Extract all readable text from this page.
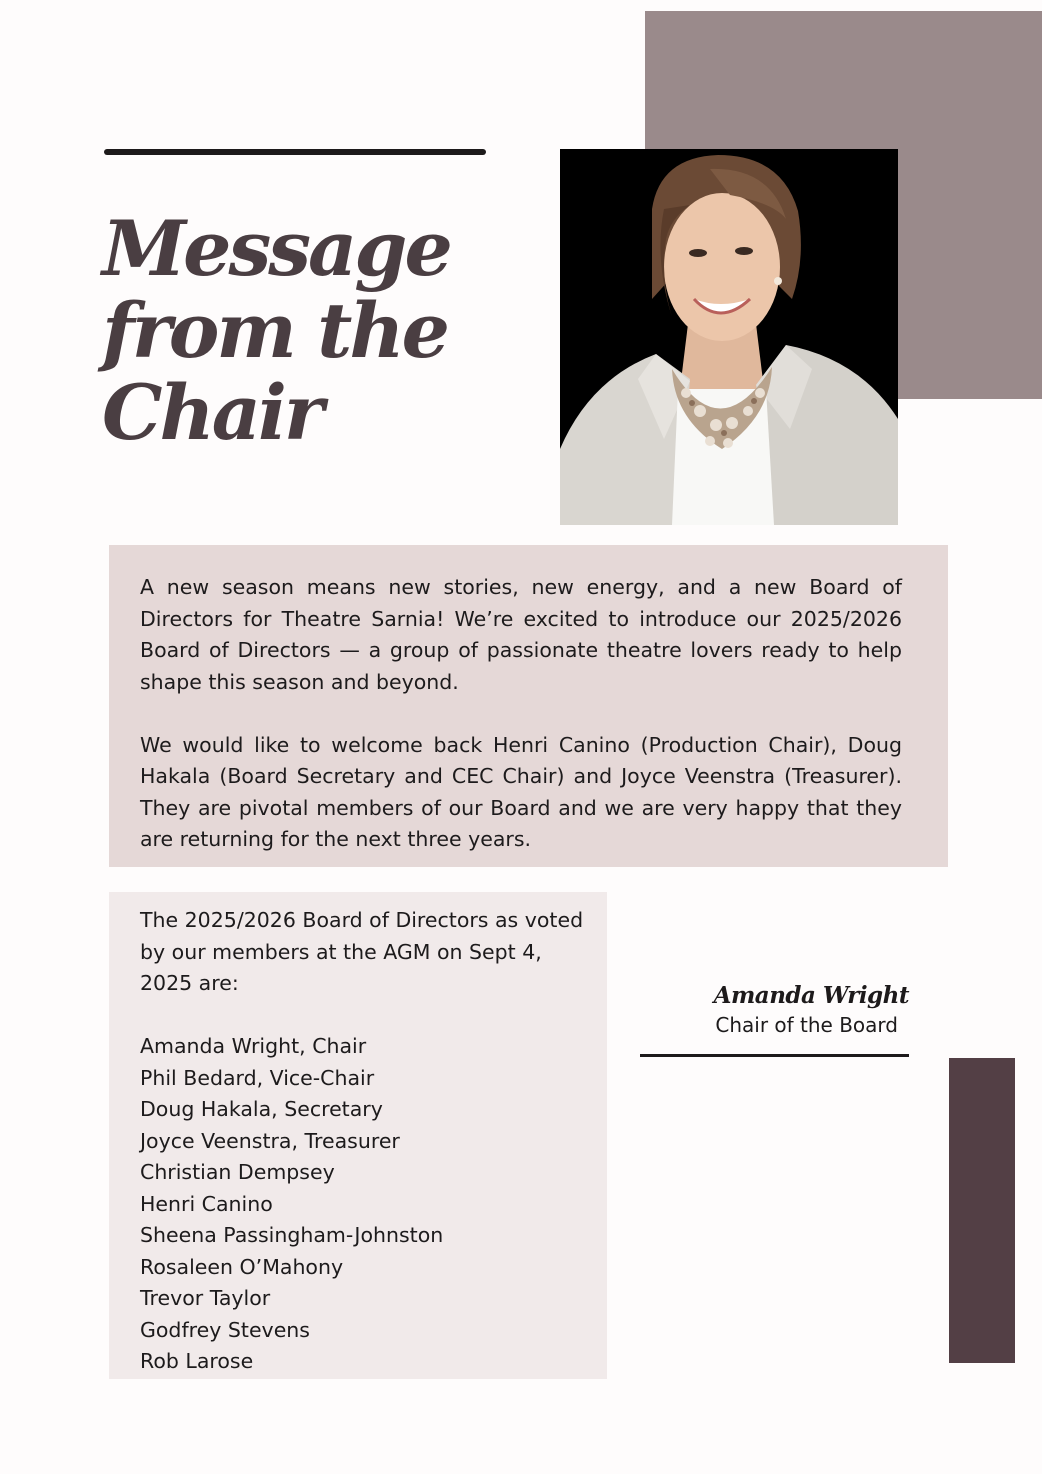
Message from the Chair

A new season means new stories, new energy, and a new Board of Directors for Theatre Sarnia! We’re excited to introduce our 2025/2026 Board of Directors — a group of passionate theatre lovers ready to help shape this season and beyond.

We would like to welcome back Henri Canino (Production Chair), Doug Hakala (Board Secretary and CEC Chair) and Joyce Veenstra (Treasurer). They are pivotal members of our Board and we are very happy that they are returning for the next three years.

The 2025/2026 Board of Directors as voted by our members at the AGM on Sept 4, 2025 are:

Amanda Wright, Chair
Phil Bedard, Vice-Chair
Doug Hakala, Secretary
Joyce Veenstra, Treasurer
Christian Dempsey
Henri Canino
Sheena Passingham-Johnston
Rosaleen O’Mahony
Trevor Taylor
Godfrey Stevens
Rob Larose
Amanda Wright
Chair of the Board
